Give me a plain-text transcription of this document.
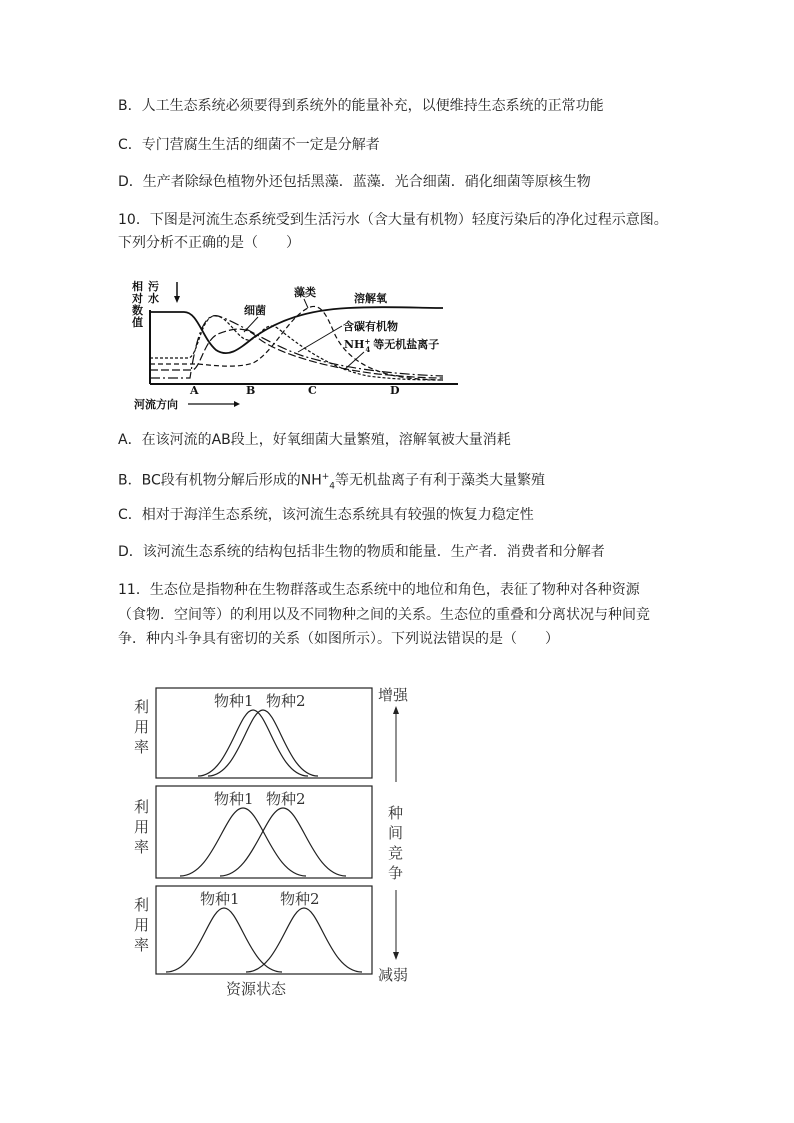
B．人工生态系统必须要得到系统外的能量补充，以便维持生态系统的正常功能
C．专门营腐生生活的细菌不一定是分解者
D．生产者除绿色植物外还包括黑藻．蓝藻．光合细菌．硝化细菌等原核生物
10．下图是河流生态系统受到生活污水（含大量有机物）轻度污染后的净化过程示意图。
下列分析不正确的是（　　）
相
对
数
值
污
水
细菌
藻类	溶解氧
含碳有机物
NH+ 4 等无机盐离子
A	B	C	D
河流方向
A．在该河流的AB段上，好氧细菌大量繁殖，溶解氧被大量消耗
B．BC段有机物分解后形成的$NH^+_4$等无机盐离子有利于藻类大量繁殖
C．相对于海洋生态系统，该河流生态系统具有较强的恢复力稳定性
D．该河流生态系统的结构包括非生物的物质和能量．生产者．消费者和分解者
11．生态位是指物种在生物群落或生态系统中的地位和角色，表征了物种对各种资源
（食物．空间等）的利用以及不同物种之间的关系。生态位的重叠和分离状况与种间竞
争．种内斗争具有密切的关系（如图所示）。下列说法错误的是（　　）
利
用
率
物种1 物种2
利
用
率
物种1 物种2
利
用
率
物种1	物种2
资源状态
增强
种
间
竞
争
减弱
